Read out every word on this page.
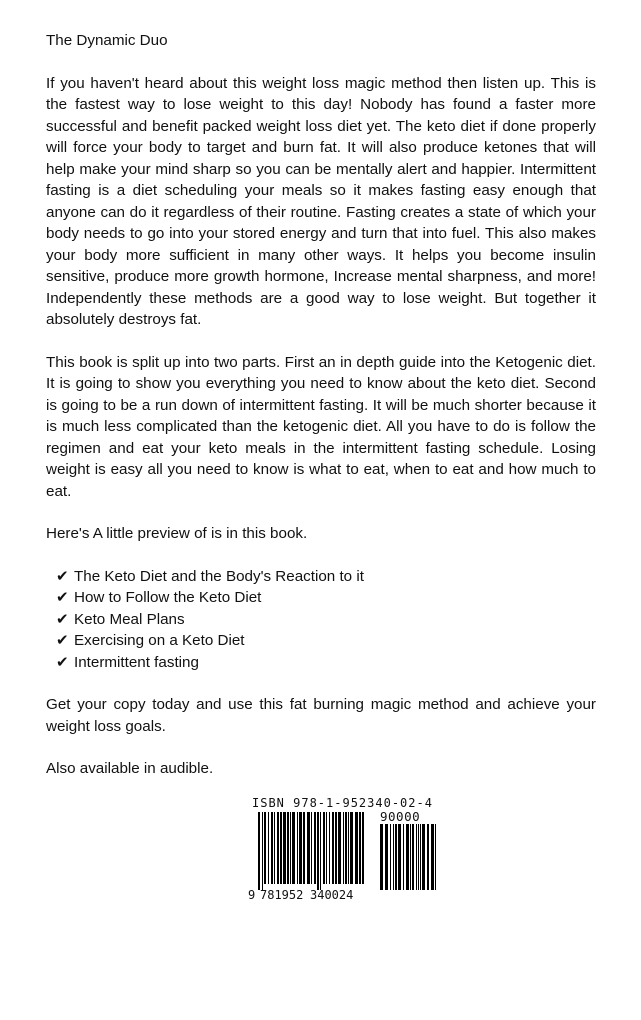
The Dynamic Duo

If you haven't heard about this weight loss magic method then listen up. This is the fastest way to lose weight to this day! Nobody has found a faster more successful and benefit packed weight loss diet yet. The keto diet if done properly will force your body to target and burn fat. It will also produce ketones that will help make your mind sharp so you can be mentally alert and happier. Intermittent fasting is a diet scheduling your meals so it makes fasting easy enough that anyone can do it regardless of their routine. Fasting creates a state of which your body needs to go into your stored energy and turn that into fuel. This also makes your body more sufficient in many other ways. It helps you become insulin sensitive, produce more growth hormone, Increase mental sharpness, and more! Independently these methods are a good way to lose weight. But together it absolutely destroys fat.

This book is split up into two parts. First an in depth guide into the Ketogenic diet. It is going to show you everything you need to know about the keto diet. Second is going to be a run down of intermittent fasting. It will be much shorter because it is much less complicated than the ketogenic diet. All you have to do is follow the regimen and eat your keto meals in the intermittent fasting schedule. Losing weight is easy all you need to know is what to eat, when to eat and how much to eat.

Here's A little preview of is in this book.

✔ The Keto Diet and the Body's Reaction to it
✔ How to Follow the Keto Diet
✔ Keto Meal Plans
✔ Exercising on a Keto Diet
✔ Intermittent fasting

Get your copy today and use this fat burning magic method and achieve your weight loss goals.

Also available in audible.

ISBN 978-1-952340-02-4
90000
9 781952 340024
